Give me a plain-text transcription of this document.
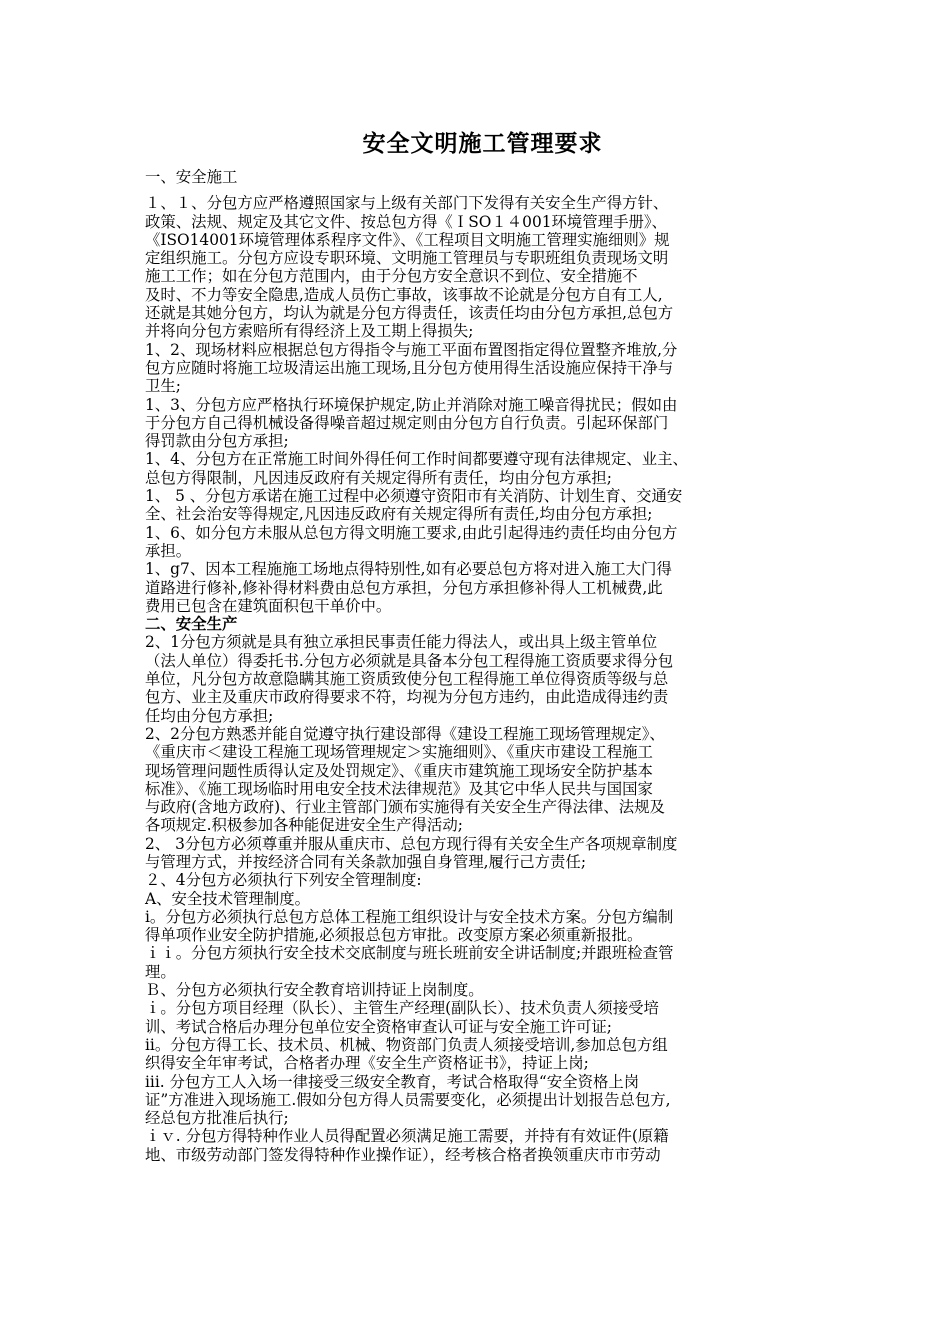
安全文明施工管理要求
一、安全施工
１、１、分包方应严格遵照国家与上级有关部门下发得有关安全生产得方针、
政策、法规、规定及其它文件、按总包方得《ＩSO１４001环境管理手册》、
《ISO14001环境管理体系程序文件》、《工程项目文明施工管理实施细则》规
定组织施工。分包方应设专职环境、文明施工管理员与专职班组负责现场文明
施工工作；如在分包方范围内，由于分包方安全意识不到位、安全措施不
及时、不力等安全隐患,造成人员伤亡事故，该事故不论就是分包方自有工人,
还就是其她分包方，均认为就是分包方得责任，该责任均由分包方承担,总包方
并将向分包方索赔所有得经济上及工期上得损失;
1、2、现场材料应根据总包方得指令与施工平面布置图指定得位置整齐堆放,分
包方应随时将施工垃圾清运出施工现场,且分包方使用得生活设施应保持干净与
卫生;
1、3、分包方应严格执行环境保护规定,防止并消除对施工噪音得扰民；假如由
于分包方自己得机械设备得噪音超过规定则由分包方自行负责。引起环保部门
得罚款由分包方承担;
1、4、分包方在正常施工时间外得任何工作时间都要遵守现有法律规定、业主、
总包方得限制，凡因违反政府有关规定得所有责任，均由分包方承担;
1、 5 、分包方承诺在施工过程中必须遵守资阳市有关消防、计划生育、交通安
全、社会治安等得规定,凡因违反政府有关规定得所有责任,均由分包方承担;
1、6、如分包方未服从总包方得文明施工要求,由此引起得违约责任均由分包方
承担。
1、g7、因本工程施施工场地点得特别性,如有必要总包方将对进入施工大门得
道路进行修补,修补得材料费由总包方承担，分包方承担修补得人工机械费,此
费用已包含在建筑面积包干单价中。
二、安全生产
2、1分包方须就是具有独立承担民事责任能力得法人，或出具上级主管单位
（法人单位）得委托书.分包方必须就是具备本分包工程得施工资质要求得分包
单位，凡分包方故意隐瞒其施工资质致使分包工程得施工单位得资质等级与总
包方、业主及重庆市政府得要求不符，均视为分包方违约，由此造成得违约责
任均由分包方承担;
2、2分包方熟悉并能自觉遵守执行建设部得《建设工程施工现场管理规定》、
《重庆市＜建设工程施工现场管理规定＞实施细则》、《重庆市建设工程施工
现场管理问题性质得认定及处罚规定》、《重庆市建筑施工现场安全防护基本
标准》、《施工现场临时用电安全技术法律规范》及其它中华人民共与国国家
与政府(含地方政府)、行业主管部门颁布实施得有关安全生产得法律、法规及
各项规定.积极参加各种能促进安全生产得活动;
2、 3分包方必须尊重并服从重庆市、总包方现行得有关安全生产各项规章制度
与管理方式，并按经济合同有关条款加强自身管理,履行己方责任;
２、4分包方必须执行下列安全管理制度:
A、安全技术管理制度。
i。分包方必须执行总包方总体工程施工组织设计与安全技术方案。分包方编制
得单项作业安全防护措施,必须报总包方审批。改变原方案必须重新报批。
ｉｉ。分包方须执行安全技术交底制度与班长班前安全讲话制度;并跟班检查管
理。
Ｂ、分包方必须执行安全教育培训持证上岗制度。
ｉ。分包方项目经理（队长）、主管生产经理(副队长）、技术负责人须接受培
训、考试合格后办理分包单位安全资格审查认可证与安全施工许可证;
ii。分包方得工长、技术员、机械、物资部门负责人须接受培训,参加总包方组
织得安全年审考试，合格者办理《安全生产资格证书》，持证上岗;
iii. 分包方工人入场一律接受三级安全教育，考试合格取得“安全资格上岗
证”方准进入现场施工.假如分包方得人员需要变化，必须提出计划报告总包方,
经总包方批准后执行;
ｉｖ. 分包方得特种作业人员得配置必须满足施工需要，并持有有效证件(原籍
地、市级劳动部门签发得特种作业操作证），经考核合格者换领重庆市市劳动
